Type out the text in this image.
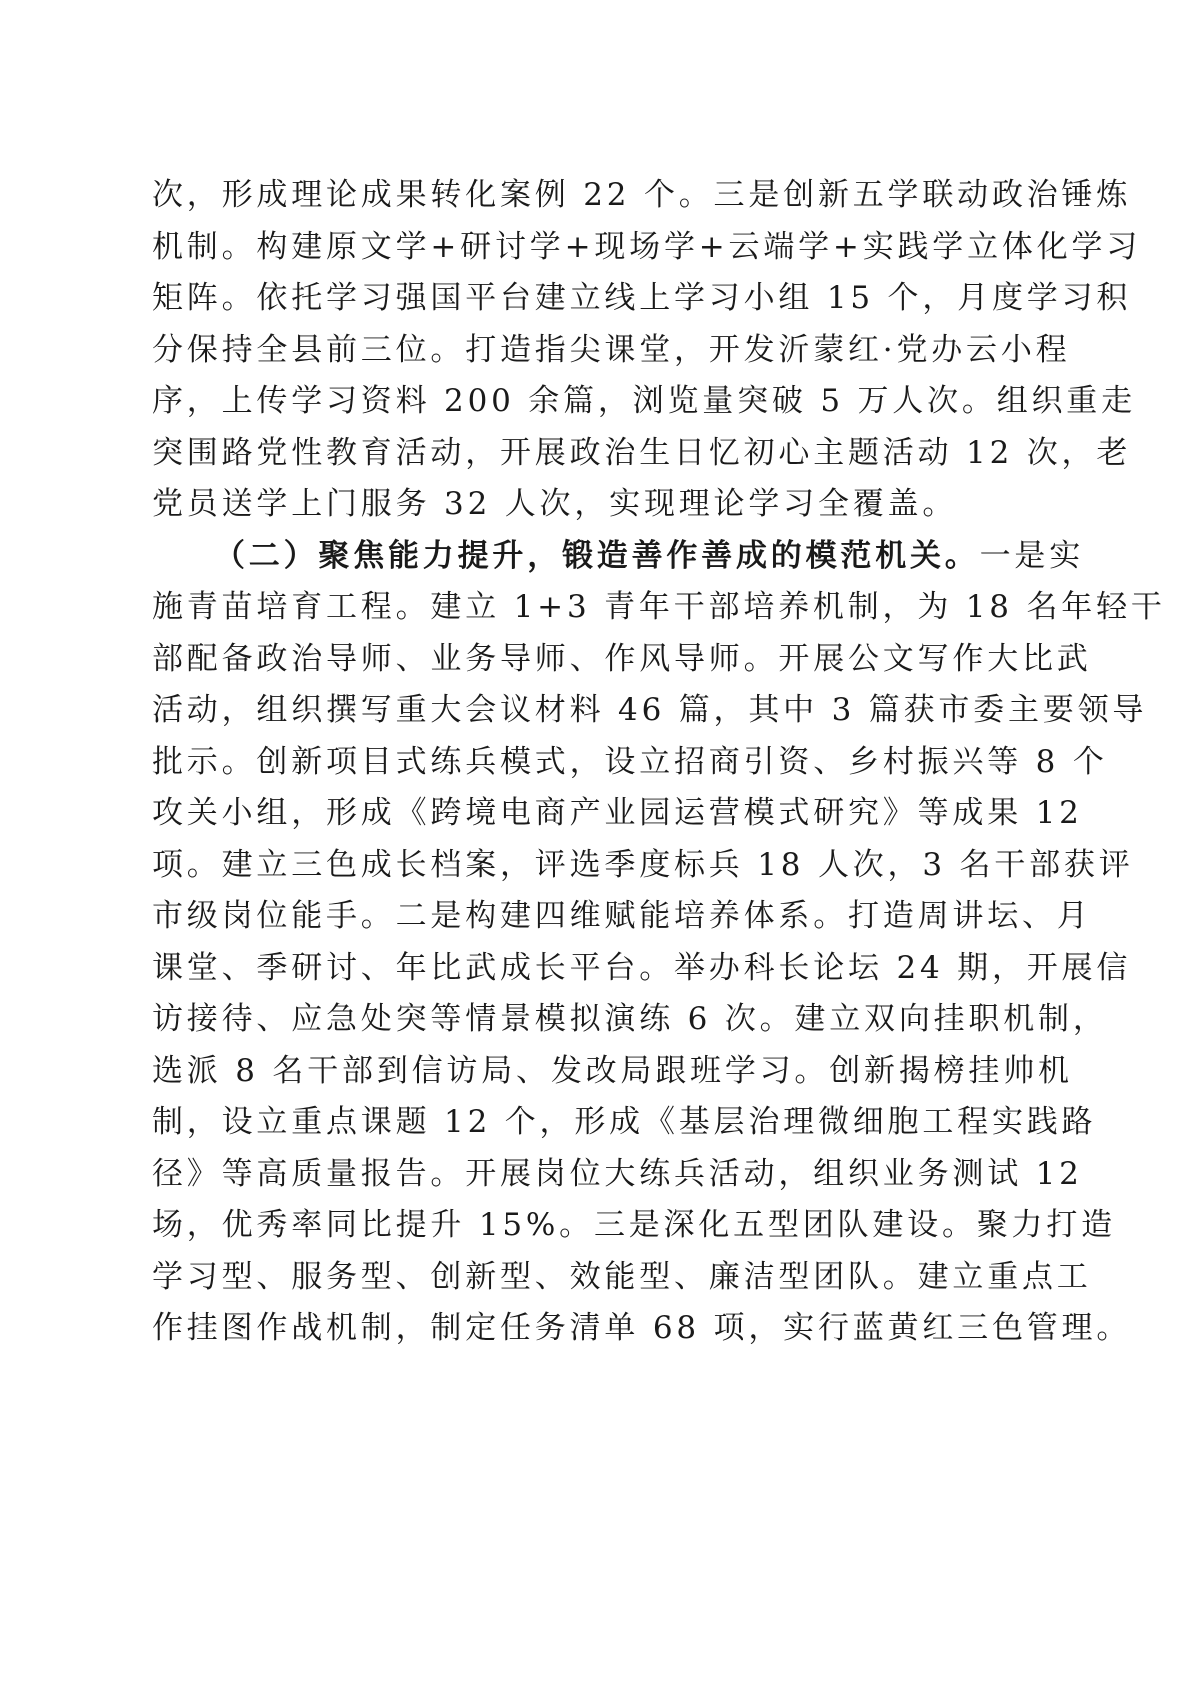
次，形成理论成果转化案例 22 个。三是创新五学联动政治锤炼
机制。构建原文学+研讨学+现场学+云端学+实践学立体化学习
矩阵。依托学习强国平台建立线上学习小组 15 个，月度学习积
分保持全县前三位。打造指尖课堂，开发沂蒙红·党办云小程
序，上传学习资料 200 余篇，浏览量突破 5 万人次。组织重走
突围路党性教育活动，开展政治生日忆初心主题活动 12 次，老
党员送学上门服务 32 人次，实现理论学习全覆盖。
（二）聚焦能力提升，锻造善作善成的模范机关。一是实
施青苗培育工程。建立 1+3 青年干部培养机制，为 18 名年轻干
部配备政治导师、业务导师、作风导师。开展公文写作大比武
活动，组织撰写重大会议材料 46 篇，其中 3 篇获市委主要领导
批示。创新项目式练兵模式，设立招商引资、乡村振兴等 8 个
攻关小组，形成《跨境电商产业园运营模式研究》等成果 12
项。建立三色成长档案，评选季度标兵 18 人次，3 名干部获评
市级岗位能手。二是构建四维赋能培养体系。打造周讲坛、月
课堂、季研讨、年比武成长平台。举办科长论坛 24 期，开展信
访接待、应急处突等情景模拟演练 6 次。建立双向挂职机制，
选派 8 名干部到信访局、发改局跟班学习。创新揭榜挂帅机
制，设立重点课题 12 个，形成《基层治理微细胞工程实践路
径》等高质量报告。开展岗位大练兵活动，组织业务测试 12
场，优秀率同比提升 15%。三是深化五型团队建设。聚力打造
学习型、服务型、创新型、效能型、廉洁型团队。建立重点工
作挂图作战机制，制定任务清单 68 项，实行蓝黄红三色管理。
